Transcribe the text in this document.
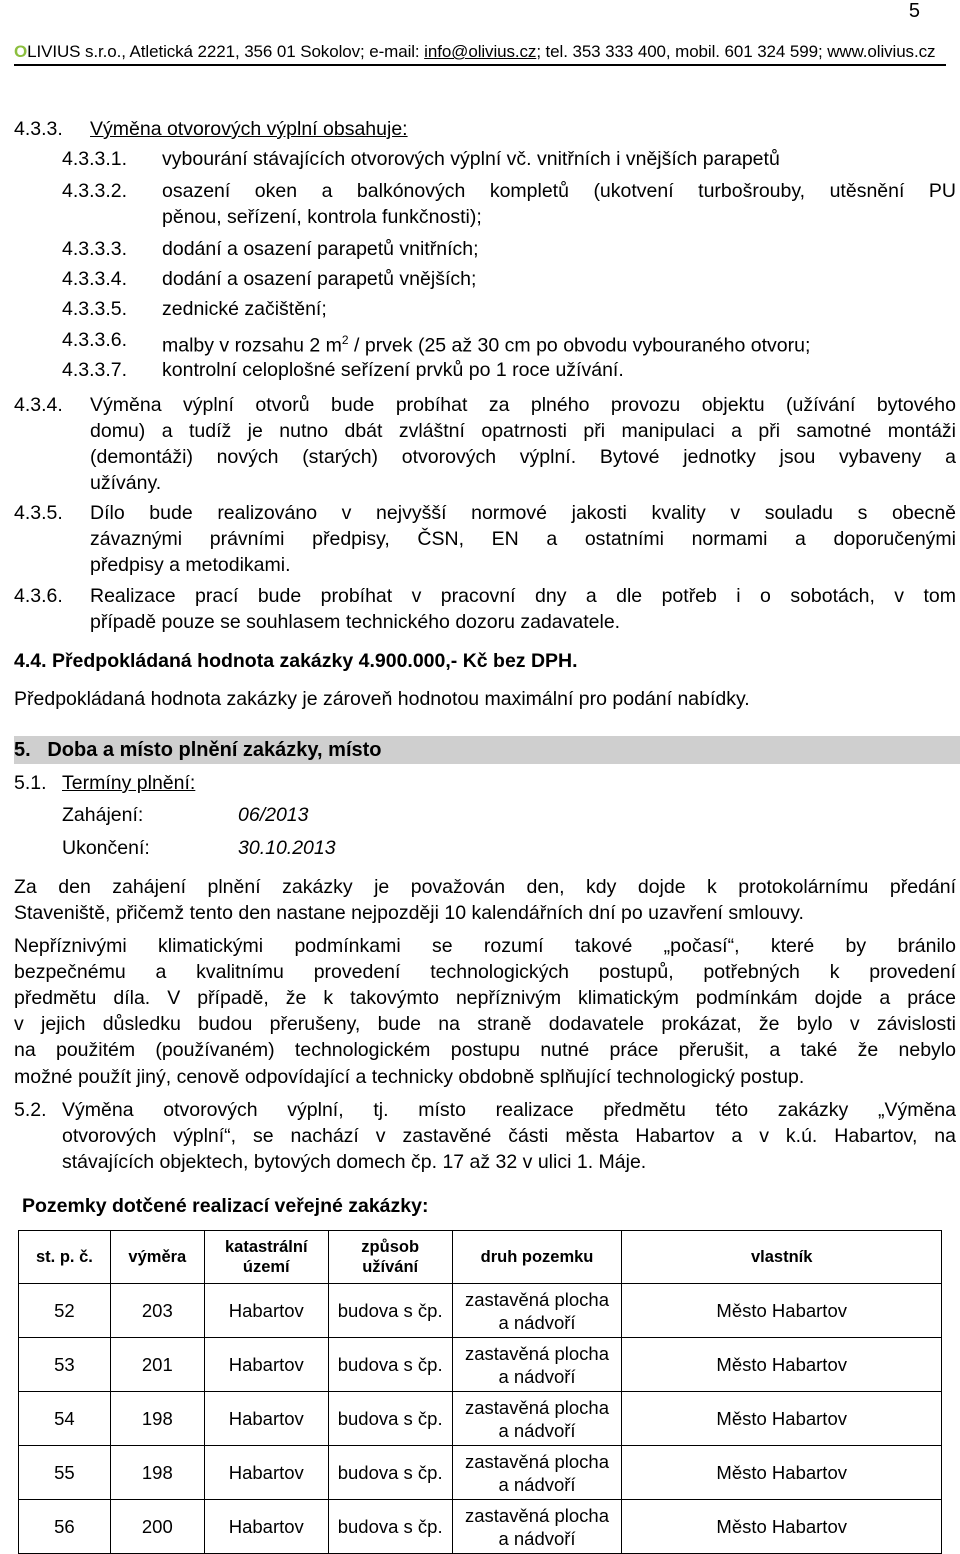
5
OLIVIUS s.r.o., Atletická 2221, 356 01 Sokolov; e-mail: info@olivius.cz; tel. 353 333 400, mobil. 601 324 599; www.olivius.cz
4.3.3. Výměna otvorových výplní obsahuje:
4.3.3.1. vybourání stávajících otvorových výplní vč. vnitřních i vnějších parapetů
4.3.3.2. osazení oken a balkónových kompletů (ukotvení turbošrouby, utěsnění PU
pěnou, seřízení, kontrola funkčnosti);
4.3.3.3. dodání a osazení parapetů vnitřních;
4.3.3.4. dodání a osazení parapetů vnějších;
4.3.3.5. zednické začištění;
4.3.3.6. malby v rozsahu 2 $m^2$ / prvek (25 až 30 cm po obvodu vybouraného otvoru;
4.3.3.7. kontrolní celoplošné seřízení prvků po 1 roce užívání.
4.3.4. Výměna výplní otvorů bude probíhat za plného provozu objektu (užívání bytového
domu) a tudíž je nutno dbát zvláštní opatrnosti při manipulaci a při samotné montáži
(demontáži) nových (starých) otvorových výplní. Bytové jednotky jsou vybaveny a
užívány.
4.3.5. Dílo bude realizováno v nejvyšší normové jakosti kvality v souladu s obecně
závaznými právními předpisy, ČSN, EN a ostatními normami a doporučenými
předpisy a metodikami.
4.3.6. Realizace prací bude probíhat v pracovní dny a dle potřeb i o sobotách, v tom
případě pouze se souhlasem technického dozoru zadavatele.
4.4. Předpokládaná hodnota zakázky 4.900.000,- Kč bez DPH.
Předpokládaná hodnota zakázky je zároveň hodnotou maximální pro podání nabídky.
5.   Doba a místo plnění zakázky, místo
5.1. Termíny plnění:
Zahájení:	06/2013
Ukončení:	30.10.2013
Za den zahájení plnění zakázky je považován den, kdy dojde k protokolárnímu předání
Staveniště, přičemž tento den nastane nejpozději 10 kalendářních dní po uzavření smlouvy.
Nepříznivými klimatickými podmínkami se rozumí takové „počasí“, které by bránilo
bezpečnému a kvalitnímu provedení technologických postupů, potřebných k provedení
předmětu díla. V případě, že k takovýmto nepříznivým klimatickým podmínkám dojde a práce
v jejich důsledku budou přerušeny, bude na straně dodavatele prokázat, že bylo v závislosti
na použitém (používaném) technologickém postupu nutné práce přerušit, a také že nebylo
možné použít jiný, cenově odpovídající a technicky obdobně splňující technologický postup.
5.2. Výměna otvorových výplní, tj. místo realizace předmětu této zakázky „Výměna
otvorových výplní“, se nachází v zastavěné části města Habartov a v k.ú. Habartov, na
stávajících objektech, bytových domech čp. 17 až 32 v ulici 1. Máje.
Pozemky dotčené realizací veřejné zakázky:
st. p. č.	výměra	katastrální
území	způsob
užívání	druh pozemku	vlastník

52	203	Habartov	budova s čp.	zastavěná plocha
a nádvoří	Město Habartov
53	201	Habartov	budova s čp.	zastavěná plocha
a nádvoří	Město Habartov
54	198	Habartov	budova s čp.	zastavěná plocha
a nádvoří	Město Habartov
55	198	Habartov	budova s čp.	zastavěná plocha
a nádvoří	Město Habartov
56	200	Habartov	budova s čp.	zastavěná plocha
a nádvoří	Město Habartov
